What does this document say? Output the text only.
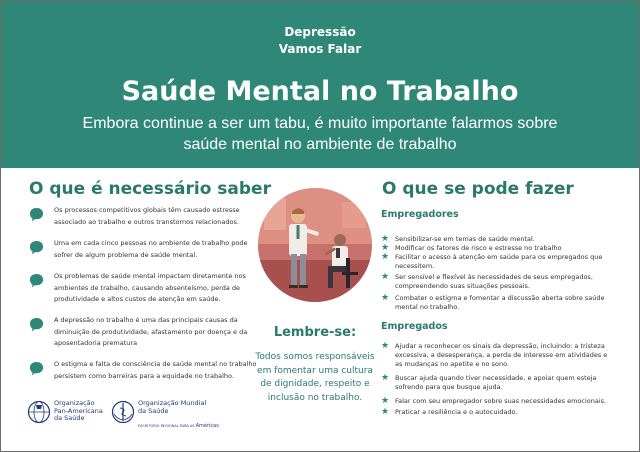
Depressão
Vamos Falar
Saúde Mental no Trabalho
Embora continue a ser um tabu, é muito importante falarmos sobre
saúde mental no ambiente de trabalho
O que é necessário saber
Os processos competitivos globais têm causado estresse associado ao trabalho e outros transtornos relacionados.
Uma em cada cinco pessoas no ambiente de trabalho pode sofrer de algum problema de saúde mental.
Os problemas de saúde mental impactam diretamente nos ambientes de trabalho, causando absenteísmo, perda de produtividade e altos custos de atenção em saúde.
A depressão no trabalho é uma das principais causas da diminuição de produtividade, afastamento por doença e da aposentadoria prematura
O estigma e falta de consciência de saúde mental no trabalho persistem como barreiras para a equidade no trabalho.
Lembre-se:
Todos somos responsáveis em fomentar uma cultura de dignidade, respeito e inclusão no trabalho.
O que se pode fazer
Empregadores
★ Sensibilizar-se em temas de saúde mental.
★ Modificar os fatores de risco e estresse no trabalho
★ Facilitar o acesso à atenção em saúde para os empregados que necessitem.
★ Ser sensível e flexível às necessidades de seus empregados, compreendendo suas situações pessoais.
★ Combater o estigma e fomentar a discussão aberta sobre saúde mental no trabalho.
Empregados
★ Ajudar a reconhecer os sinais da depressão, incluindo: a tristeza excessiva, a desesperança, a perda de interesse em atividades e as mudanças no apetite e no sono.
★ Buscar ajuda quando tiver necessidade, e apoiar quem esteja sofrendo para que busque ajuda.
★ Falar com seu empregador sobre suas necessidades emocionais.
★ Praticar a resiliência e o autocuidado.
Organização Pan-Americana da Saúde
Organização Mundial da Saúde
ESCRITÓRIO REGIONAL PARA AS Américas
